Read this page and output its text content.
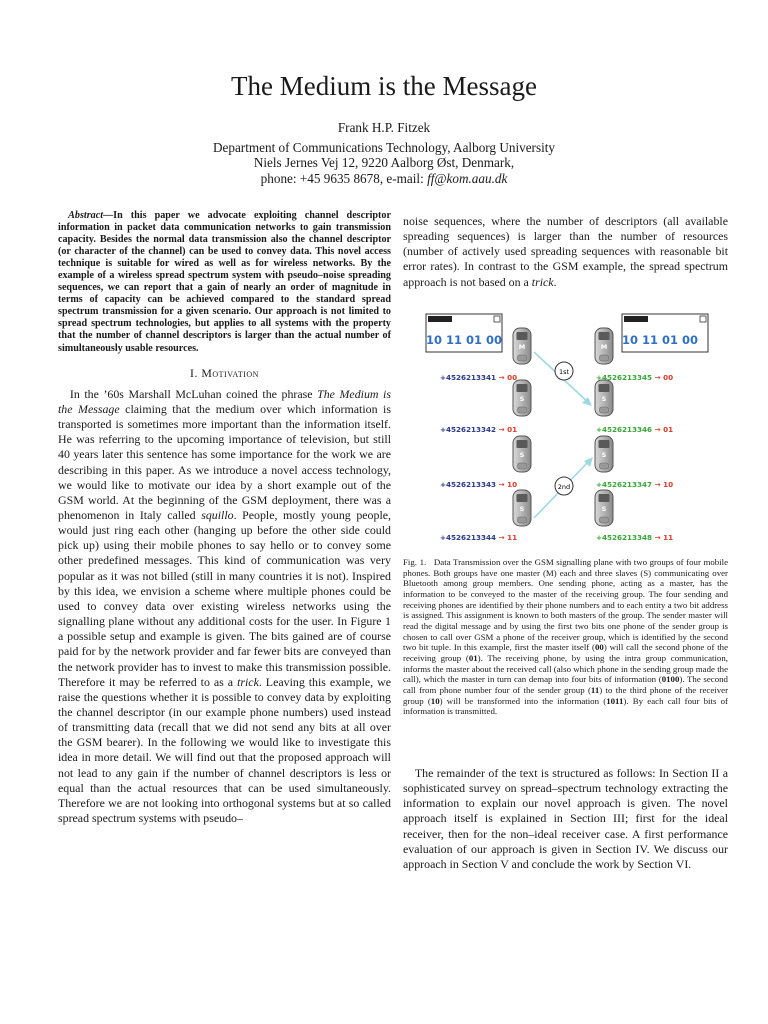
The Medium is the Message
Frank H.P. Fitzek
Department of Communications Technology, Aalborg University
Niels Jernes Vej 12, 9220 Aalborg Øst, Denmark,
phone: +45 9635 8678, e-mail: ff@kom.aau.dk

Abstract—In this paper we advocate exploiting channel descriptor information in packet data communication networks to gain transmission capacity. Besides the normal data transmission also the channel descriptor (or character of the channel) can be used to convey data. This novel access technique is suitable for wired as well as for wireless networks. By the example of a wireless spread spectrum system with pseudo–noise spreading sequences, we can report that a gain of nearly an order of magnitude in terms of capacity can be achieved compared to the standard spread spectrum transmission for a given scenario. Our approach is not limited to spread spectrum technologies, but applies to all systems with the property that the number of channel descriptors is larger than the actual number of simultaneously usable resources.

I. Motivation

In the ’60s Marshall McLuhan coined the phrase The Medium is the Message claiming that the medium over which information is transported is sometimes more important than the information itself. He was referring to the upcoming importance of television, but still 40 years later this sentence has some importance for the work we are describing in this paper. As we introduce a novel access technology, we would like to motivate our idea by a short example out of the GSM world. At the beginning of the GSM deployment, there was a phenomenon in Italy called squillo. People, mostly young people, would just ring each other (hanging up before the other side could pick up) using their mobile phones to say hello or to convey some other predefined messages. This kind of communication was very popular as it was not billed (still in many countries it is not). Inspired by this idea, we envision a scheme where multiple phones could be used to convey data over existing wireless networks using the signalling plane without any additional costs for the user. In Figure 1 a possible setup and example is given. The bits gained are of course paid for by the network provider and far fewer bits are conveyed than the network provider has to invest to make this transmission possible. Therefore it may be referred to as a trick. Leaving this example, we raise the questions whether it is possible to convey data by exploiting the channel descriptor (in our example phone numbers) used instead of transmitting data (recall that we did not send any bits at all over the GSM bearer). In the following we would like to investigate this idea in more detail. We will find out that the proposed approach will not lead to any gain if the number of channel descriptors is less or equal than the actual resources that can be used simultaneously. Therefore we are not looking into orthogonal systems but at so called spread spectrum systems with pseudo–

noise sequences, where the number of descriptors (all available spreading sequences) is larger than the number of resources (number of actively used spreading sequences with reasonable bit error rates). In contrast to the GSM example, the spread spectrum approach is not based on a trick.

10 11 01 00	10 11 01 00
1st
2nd
M
S
S
S
M
S
S
S
+4526213341 → 00
+4526213342 → 01
+4526213343 → 10
+4526213344 → 11
+4526213345 → 00
+4526213346 → 01
+4526213347 → 10
+4526213348 → 11
Fig. 1. Data Transmission over the GSM signalling plane with two groups of four mobile phones. Both groups have one master (M) each and three slaves (S) communicating over Bluetooth among group members. One sending phone, acting as a master, has the information to be conveyed to the master of the receiving group. The four sending and receiving phones are identified by their phone numbers and to each entity a two bit address is assigned. This assignment is known to both masters of the group. The sender master will read the digital message and by using the first two bits one phone of the sender group is chosen to call over GSM a phone of the receiver group, which is identified by the second two bit tuple. In this example, first the master itself (00) will call the second phone of the receiving group (01). The receiving phone, by using the intra group communication, informs the master about the received call (also which phone in the sending group made the call), which the master in turn can demap into four bits of information (0100). The second call from phone number four of the sender group (11) to the third phone of the receiver group (10) will be transformed into the information (1011). By each call four bits of information is transmitted.

The remainder of the text is structured as follows: In Section II a sophisticated survey on spread–spectrum technology extracting the information to explain our novel approach is given. The novel approach itself is explained in Section III; first for the ideal receiver, then for the non–ideal receiver case. A first performance evaluation of our approach is given in Section IV. We discuss our approach in Section V and conclude the work by Section VI.
